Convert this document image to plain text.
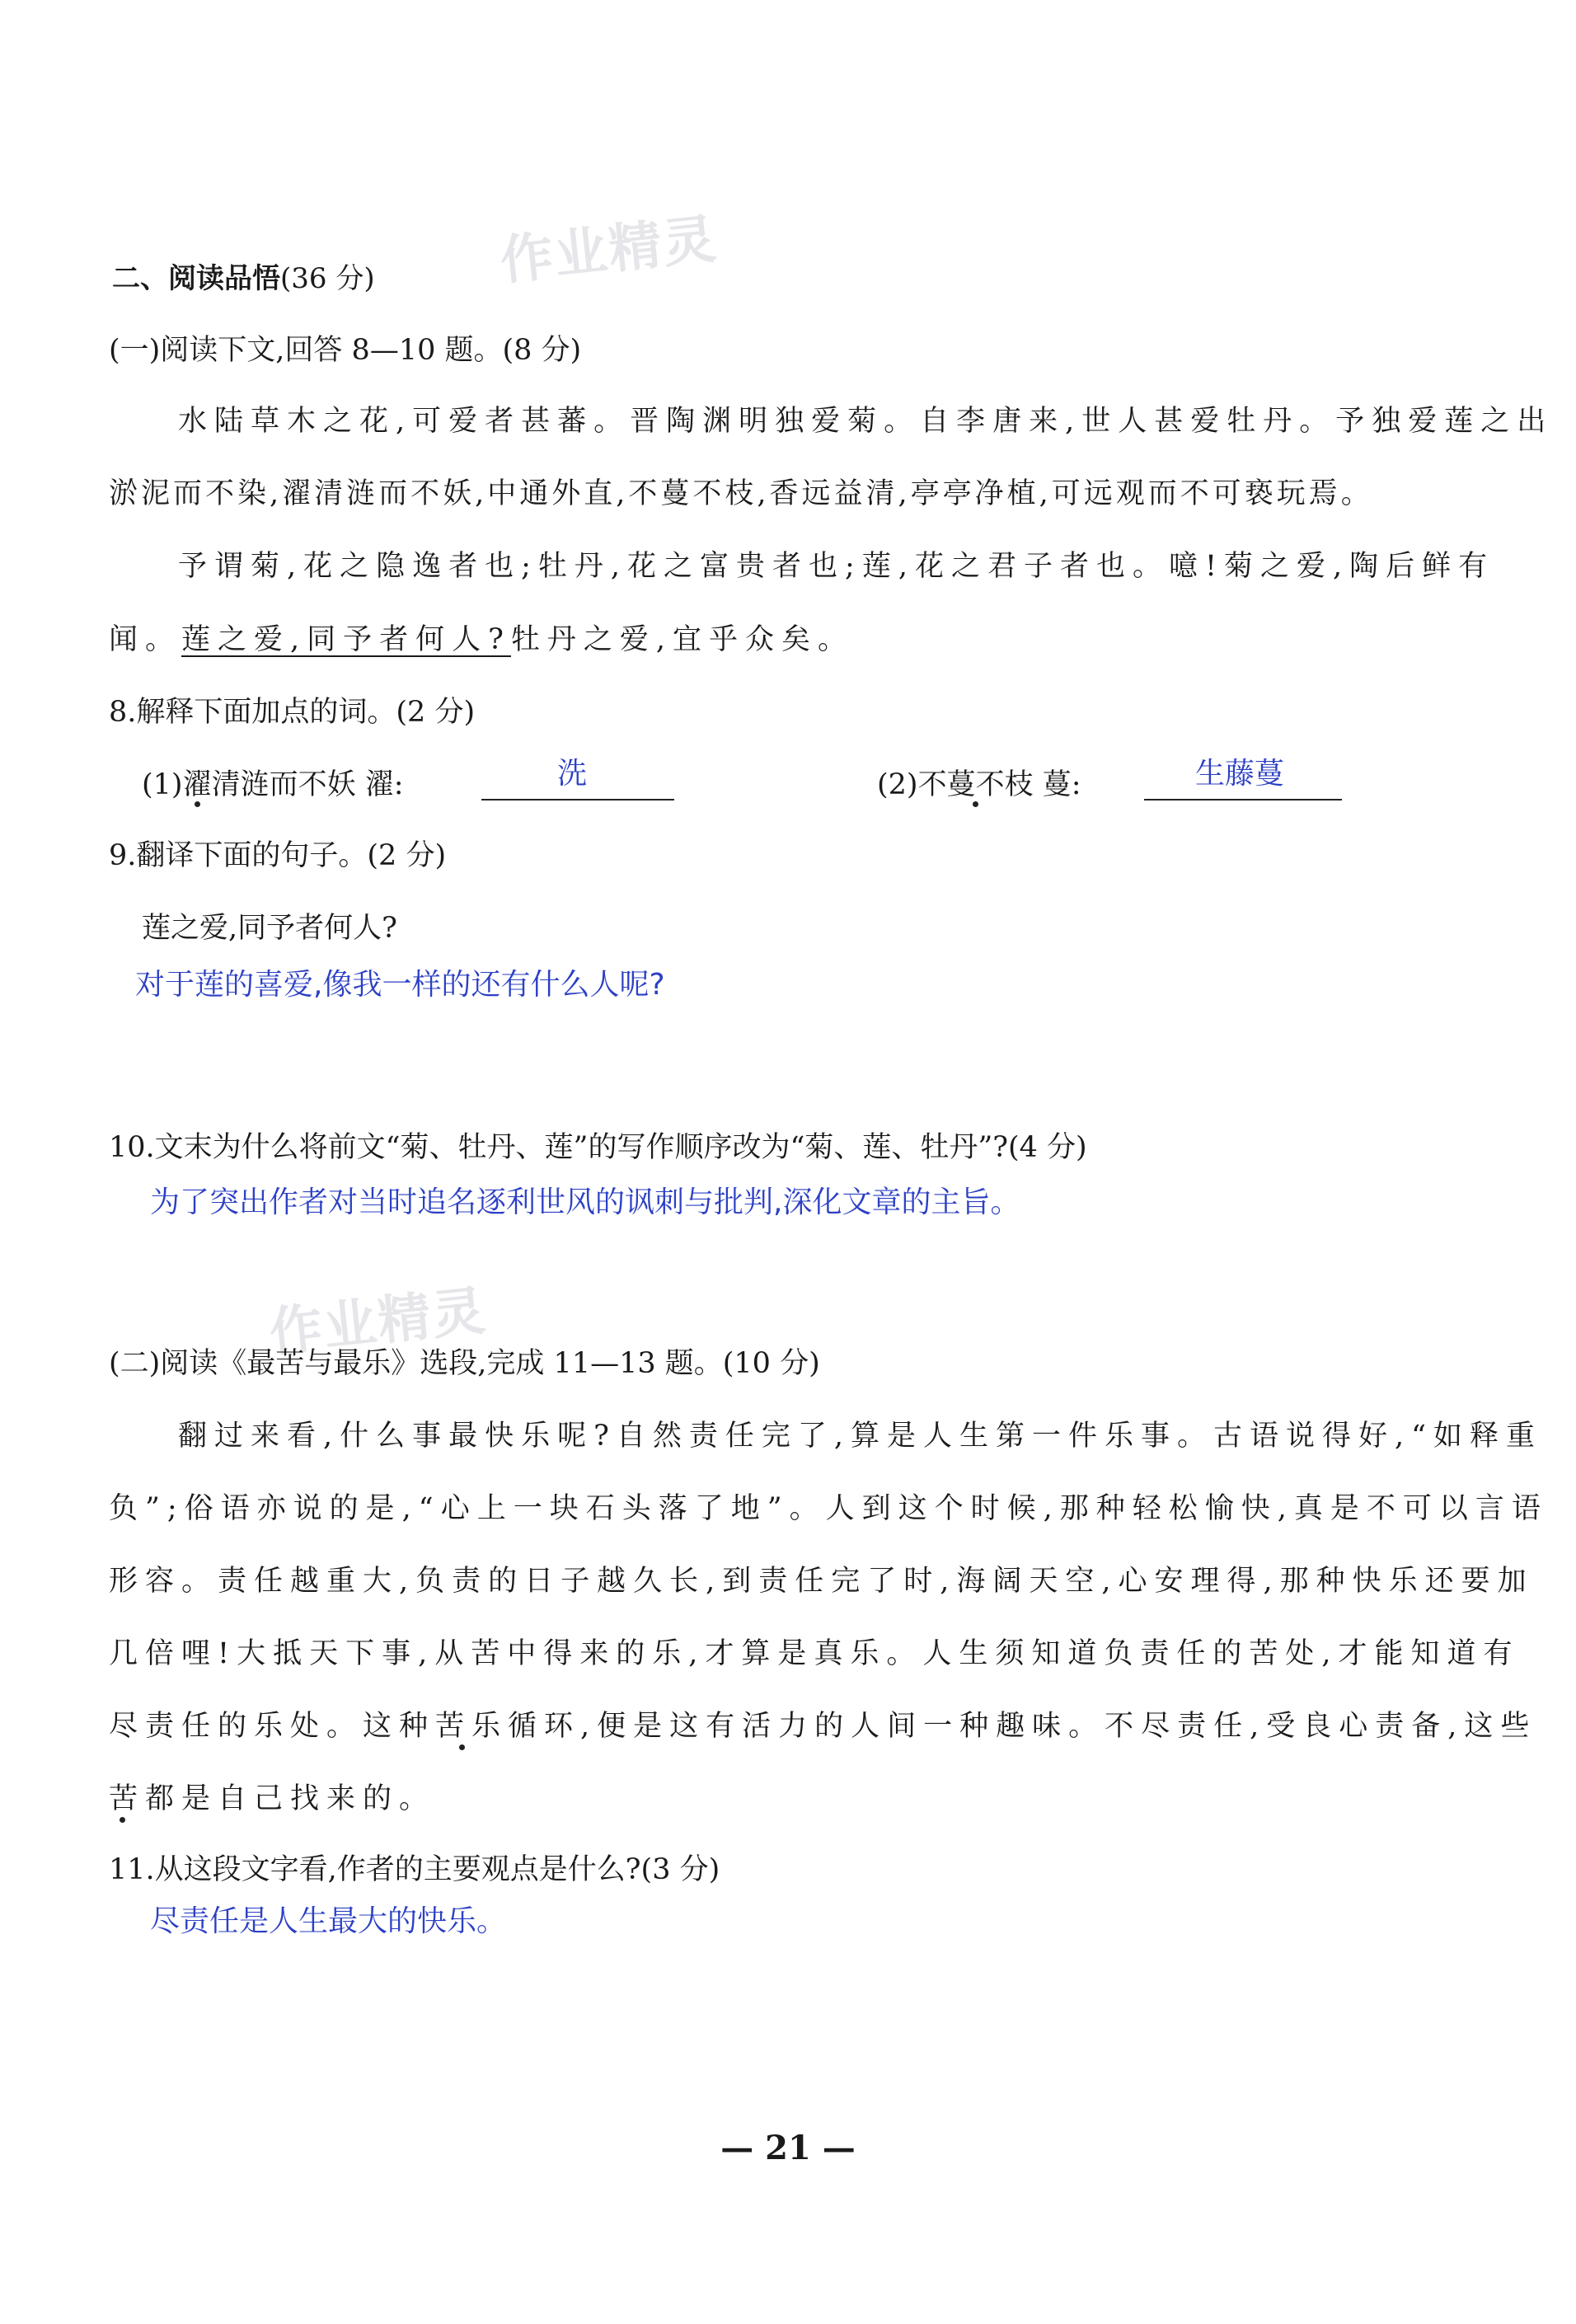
作业精灵
作业精灵
二、阅读品悟(36 分)
(一)阅读下文,回答 8—10 题。(8 分)
水陆草木之花,可爱者甚蕃。晋陶渊明独爱菊。自李唐来,世人甚爱牡丹。予独爱莲之出
淤泥而不染,濯清涟而不妖,中通外直,不蔓不枝,香远益清,亭亭净植,可远观而不可亵玩焉。
予谓菊,花之隐逸者也;牡丹,花之富贵者也;莲,花之君子者也。噫!菊之爱,陶后鲜有
闻。莲之爱,同予者何人?牡丹之爱,宜乎众矣。
8.解释下面加点的词。(2 分)
(1)濯清涟而不妖 濯:	洗	(2)不蔓不枝 蔓:	生藤蔓
9.翻译下面的句子。(2 分)
莲之爱,同予者何人?
对于莲的喜爱,像我一样的还有什么人呢?
10.文末为什么将前文“菊、牡丹、莲”的写作顺序改为“菊、莲、牡丹”?(4 分)
为了突出作者对当时追名逐利世风的讽刺与批判,深化文章的主旨。
(二)阅读《最苦与最乐》选段,完成 11—13 题。(10 分)
翻过来看,什么事最快乐呢?自然责任完了,算是人生第一件乐事。古语说得好,“如释重
负”;俗语亦说的是,“心上一块石头落了地”。人到这个时候,那种轻松愉快,真是不可以言语
形容。责任越重大,负责的日子越久长,到责任完了时,海阔天空,心安理得,那种快乐还要加
几倍哩!大抵天下事,从苦中得来的乐,才算是真乐。人生须知道负责任的苦处,才能知道有
尽责任的乐处。这种苦乐循环,便是这有活力的人间一种趣味。不尽责任,受良心责备,这些
苦都是自己找来的。
11.从这段文字看,作者的主要观点是什么?(3 分)
尽责任是人生最大的快乐。
— 21 —
